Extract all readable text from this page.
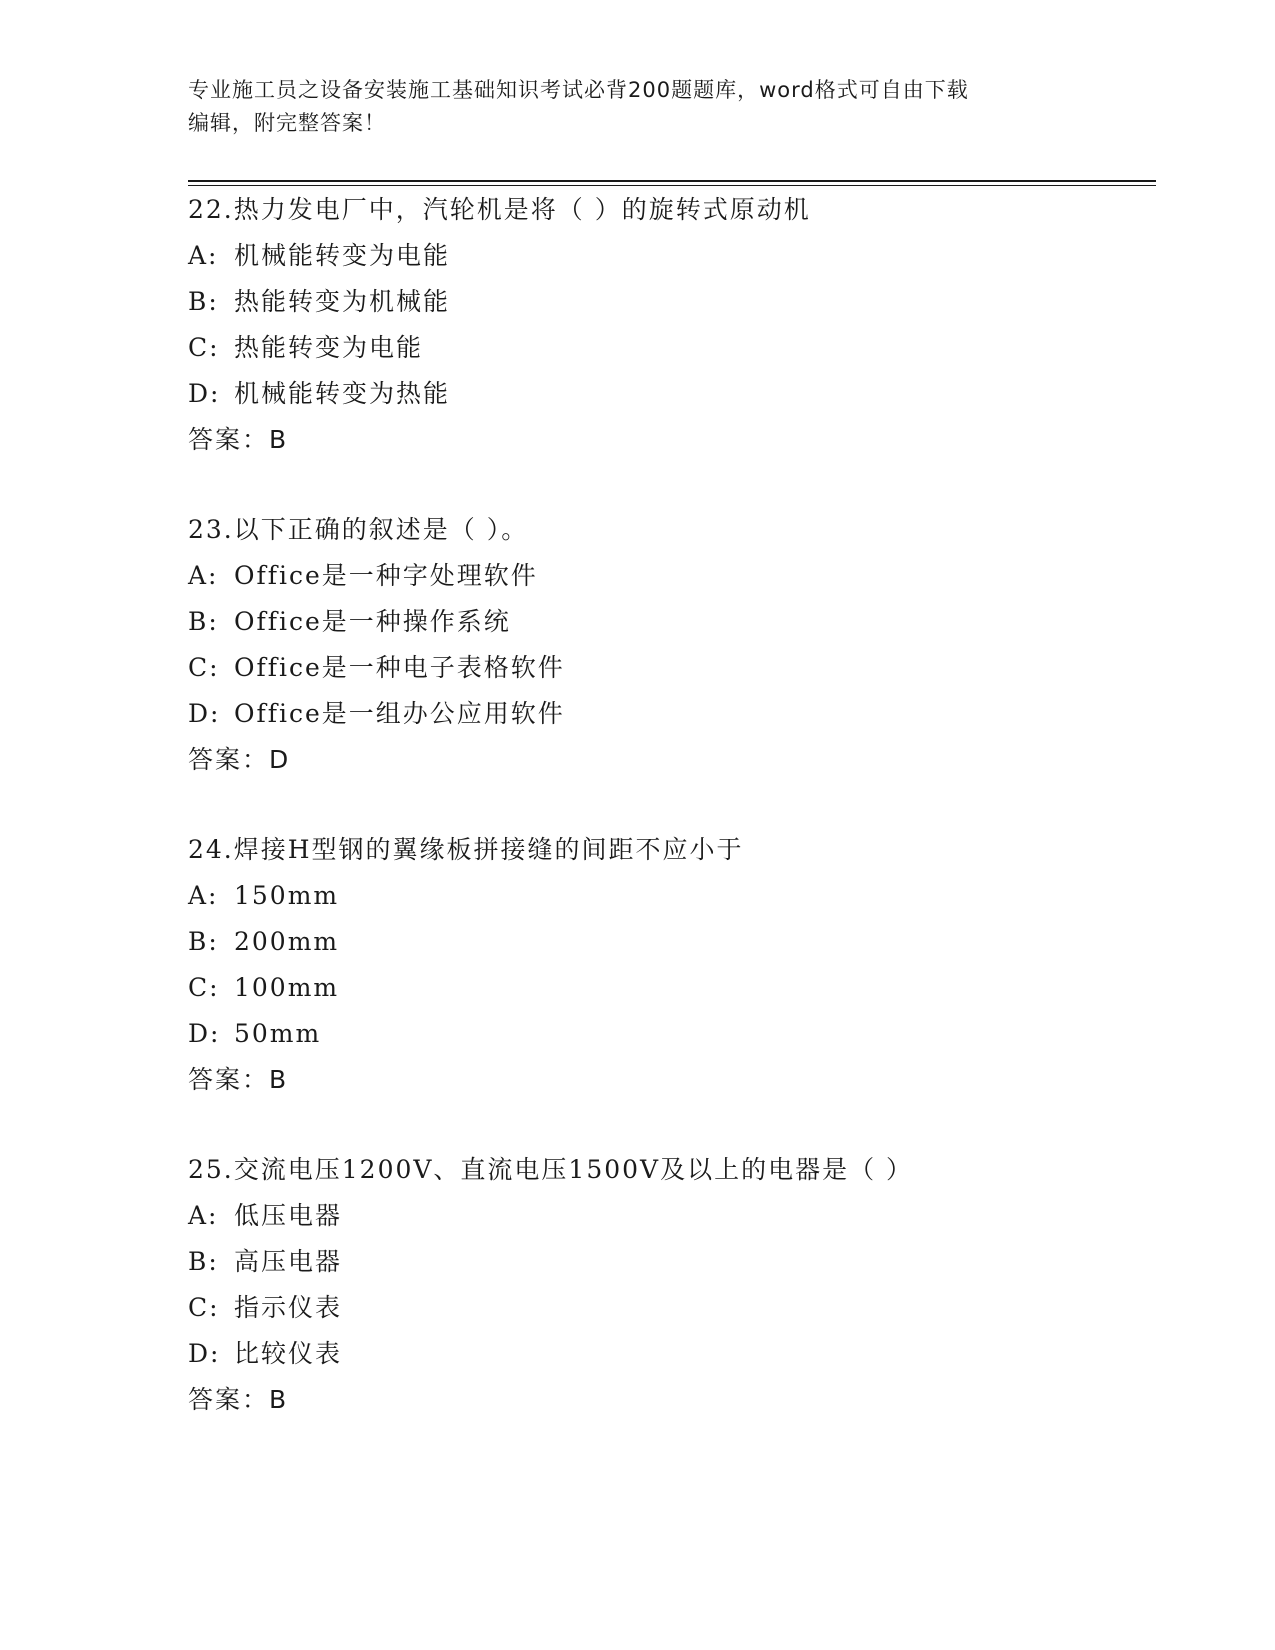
专业施工员之设备安装施工基础知识考试必背200题题库，word格式可自由下载
编辑，附完整答案！
22.热力发电厂中，汽轮机是将（ ）的旋转式原动机
A: 机械能转变为电能
B: 热能转变为机械能
C: 热能转变为电能
D: 机械能转变为热能
答案：B
23.以下正确的叙述是（ ）。
A: Office是一种字处理软件
B: Office是一种操作系统
C: Office是一种电子表格软件
D: Office是一组办公应用软件
答案：D
24.焊接H型钢的翼缘板拼接缝的间距不应小于
A: 150mm
B: 200mm
C: 100mm
D: 50mm
答案：B
25.交流电压1200V、直流电压1500V及以上的电器是（ ）
A: 低压电器
B: 高压电器
C: 指示仪表
D: 比较仪表
答案：B
